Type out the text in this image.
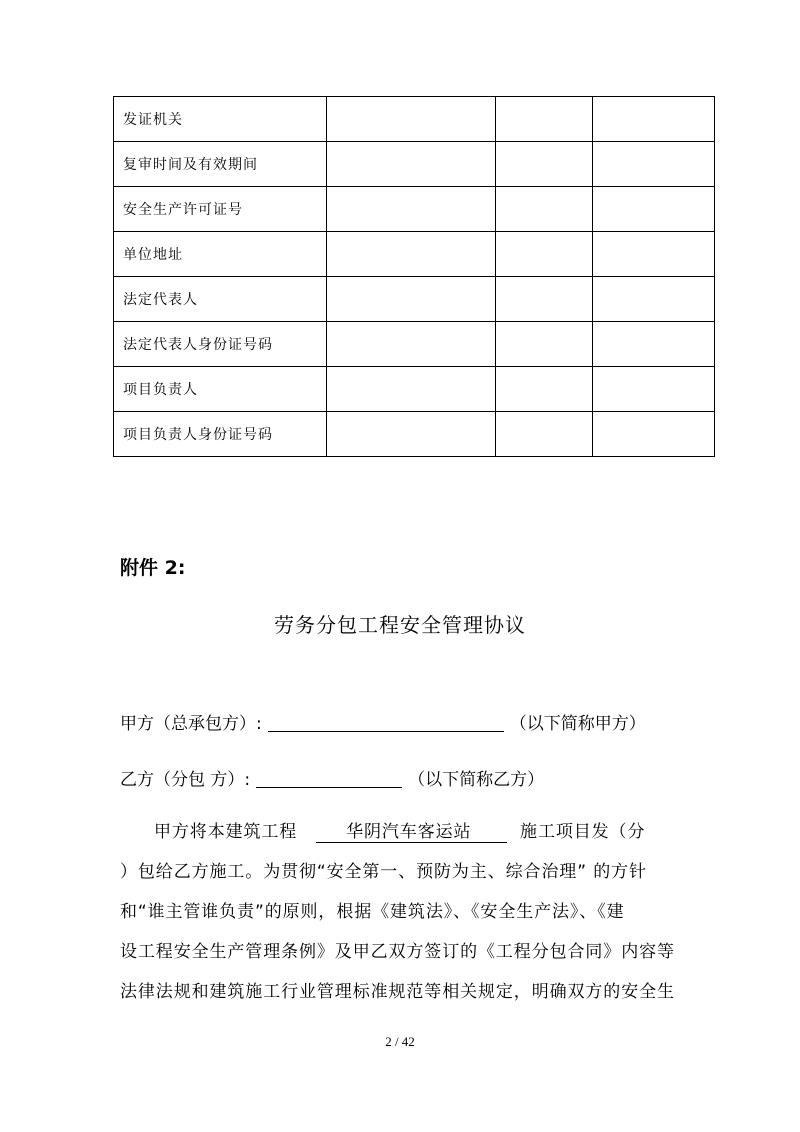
发证机关			
复审时间及有效期间			
安全生产许可证号			
单位地址			
法定代表人			
法定代表人身份证号码			
项目负责人			
项目负责人身份证号码			
附件 2:
劳务分包工程安全管理协议
甲方（总承包方）:	（以下简称甲方）
乙方（分包 方）:	（以下简称乙方）
甲方将本建筑工程	华阴汽车客运站	施工项目发（分
）包给乙方施工。为贯彻“安全第一、预防为主、综合治理” 的方针
和“谁主管谁负责”的原则，根据《建筑法》、《安全生产法》、《建
设工程安全生产管理条例》及甲乙双方签订的《工程分包合同》内容等
法律法规和建筑施工行业管理标准规范等相关规定，明确双方的安全生
2 / 42
